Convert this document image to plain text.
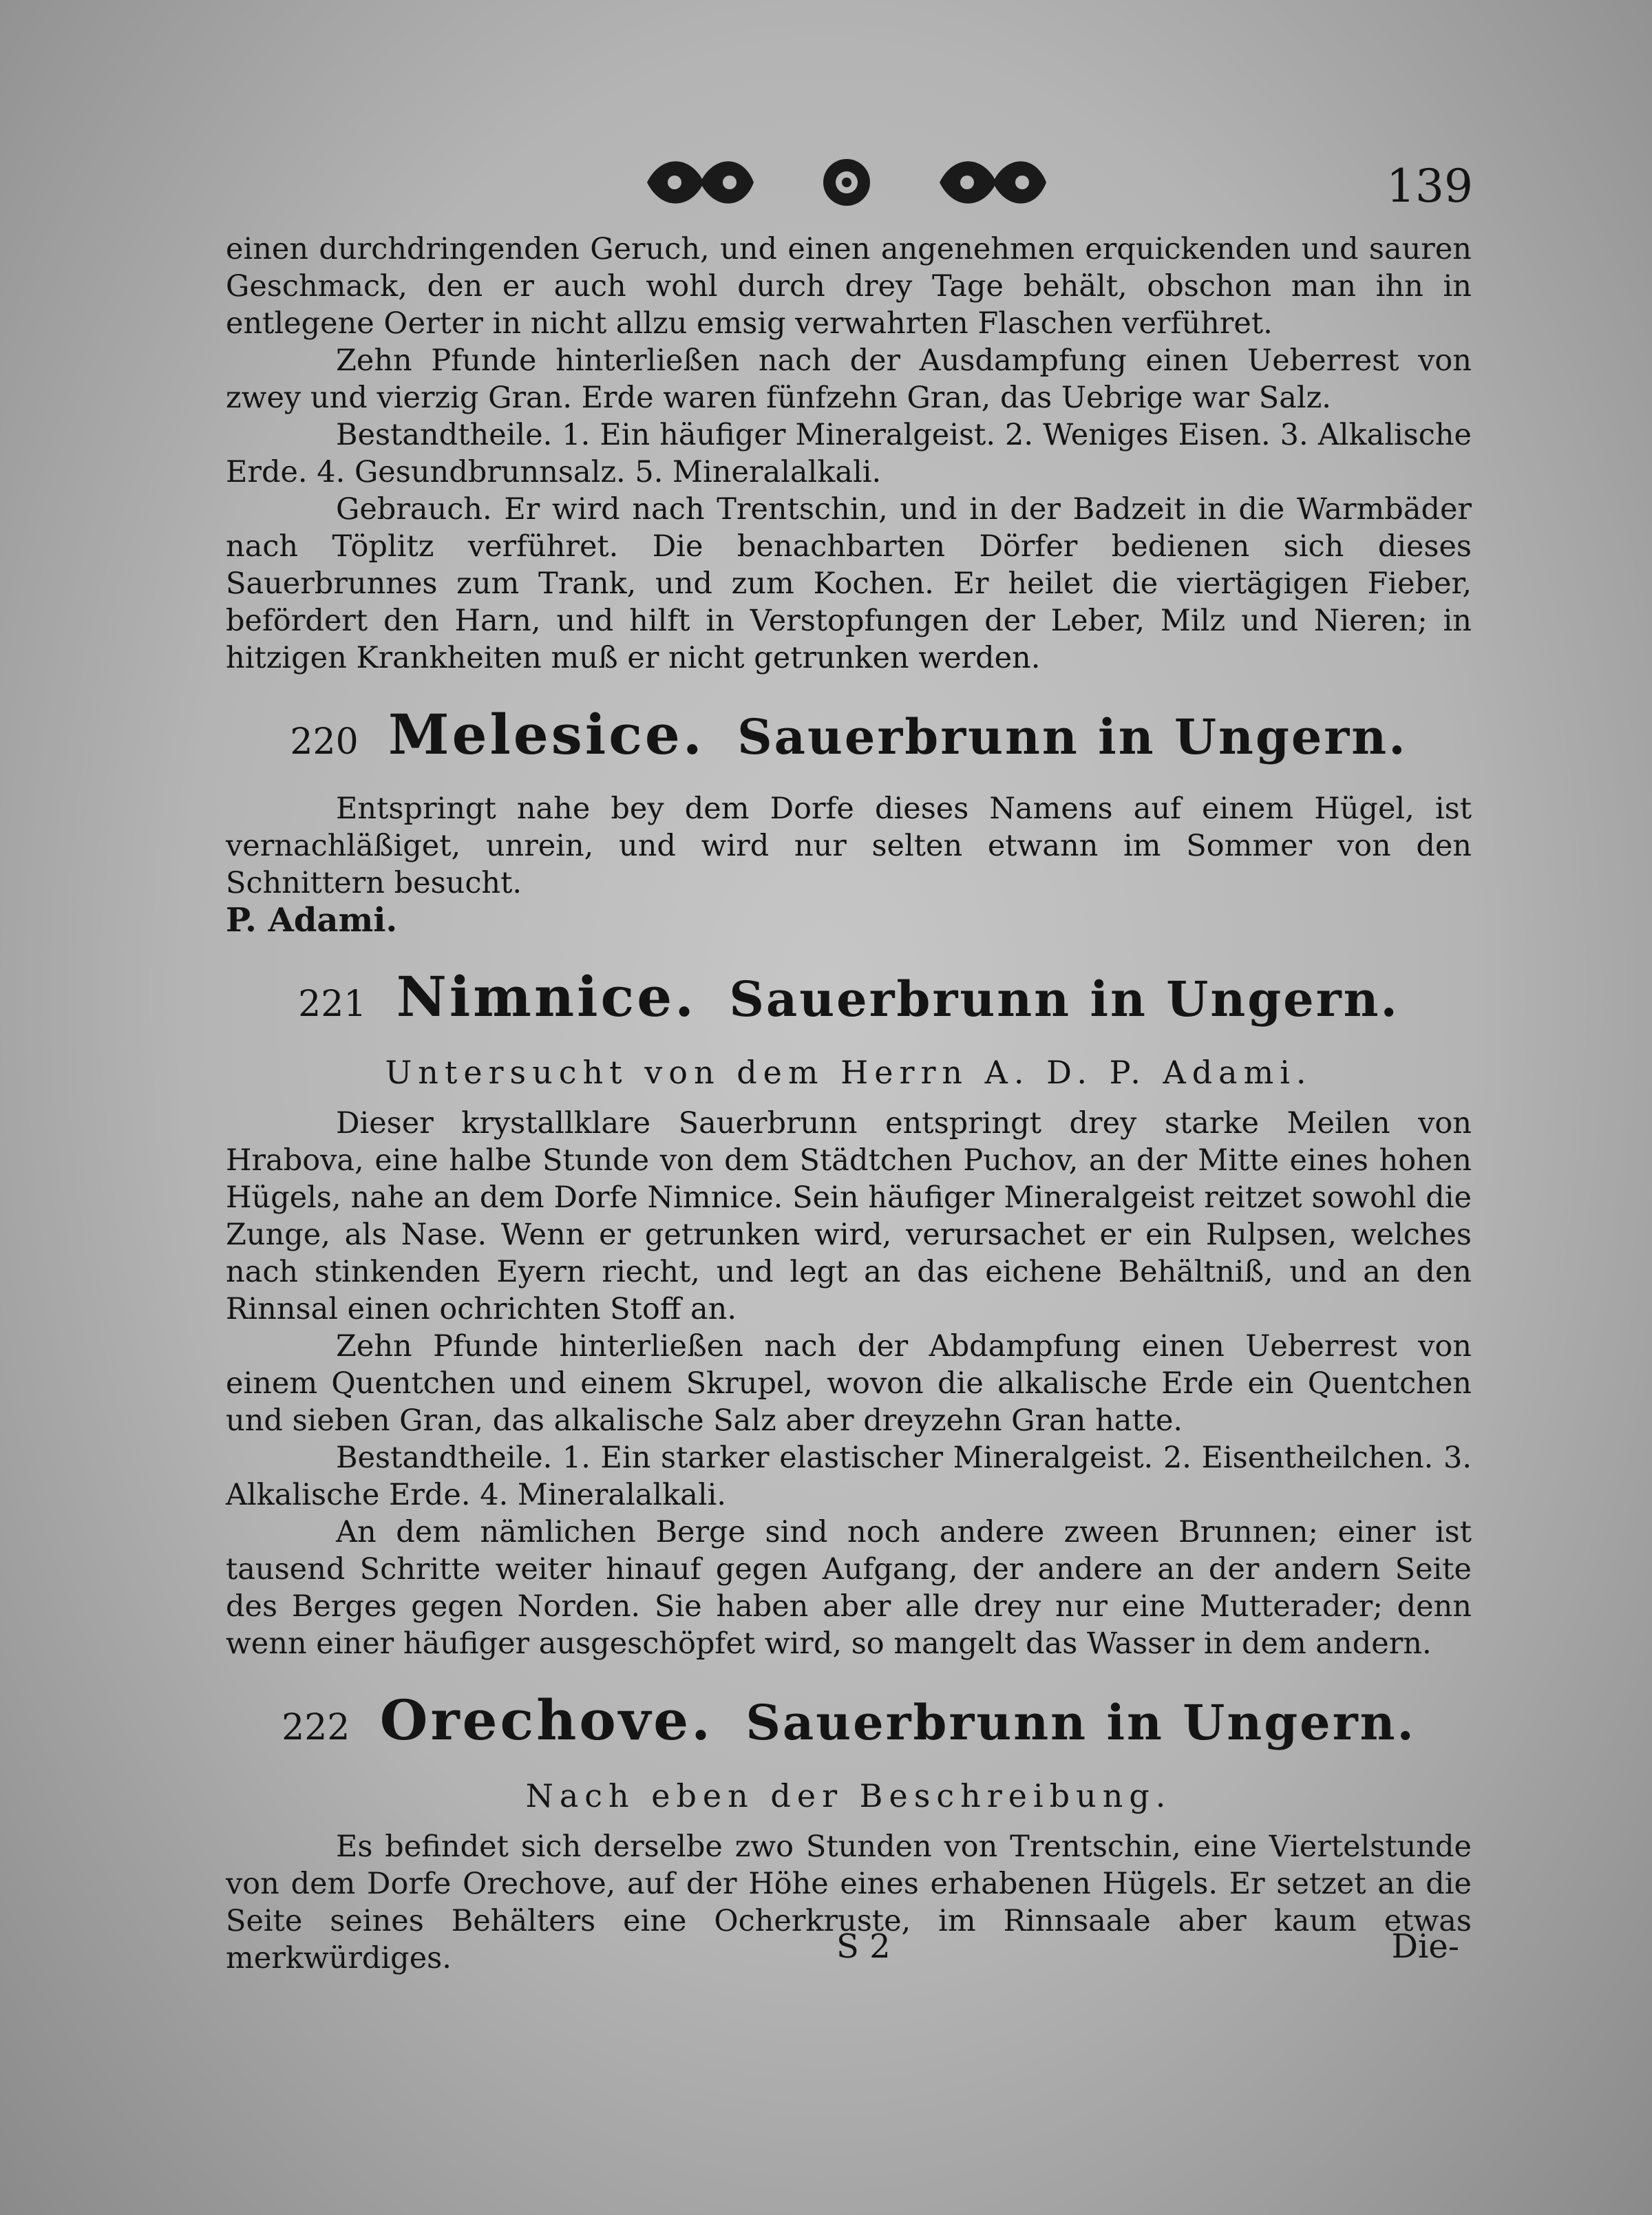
139

einen durchdringenden Geruch, und einen angenehmen erquickenden und sauren Geschmack, den er auch wohl durch drey Tage behält, obschon man ihn in entlegene Oerter in nicht allzu emsig verwahrten Flaschen verführet.

Zehn Pfunde hinterließen nach der Ausdampfung einen Ueberrest von zwey und vierzig Gran. Erde waren fünfzehn Gran, das Uebrige war Salz.

Bestandtheile. 1. Ein häufiger Mineralgeist. 2. Weniges Eisen. 3. Alkalische Erde. 4. Gesundbrunnsalz. 5. Mineralalkali.

Gebrauch. Er wird nach Trentschin, und in der Badzeit in die Warmbäder nach Töplitz verführet. Die benachbarten Dörfer bedienen sich dieses Sauerbrunnes zum Trank, und zum Kochen. Er heilet die viertägigen Fieber, befördert den Harn, und hilft in Verstopfungen der Leber, Milz und Nieren; in hitzigen Krankheiten muß er nicht getrunken werden.

220 Melesice. Sauerbrunn in Ungern.

Entspringt nahe bey dem Dorfe dieses Namens auf einem Hügel, ist vernachläßiget, unrein, und wird nur selten etwann im Sommer von den Schnittern besucht.

P. Adami.

221 Nimnice. Sauerbrunn in Ungern.
Untersucht von dem Herrn A. D. P. Adami.

Dieser krystallklare Sauerbrunn entspringt drey starke Meilen von Hrabova, eine halbe Stunde von dem Städtchen Puchov, an der Mitte eines hohen Hügels, nahe an dem Dorfe Nimnice. Sein häufiger Mineralgeist reitzet sowohl die Zunge, als Nase. Wenn er getrunken wird, verursachet er ein Rulpsen, welches nach stinkenden Eyern riecht, und legt an das eichene Behältniß, und an den Rinnsal einen ochrichten Stoff an.

Zehn Pfunde hinterließen nach der Abdampfung einen Ueberrest von einem Quentchen und einem Skrupel, wovon die alkalische Erde ein Quentchen und sieben Gran, das alkalische Salz aber dreyzehn Gran hatte.

Bestandtheile. 1. Ein starker elastischer Mineralgeist. 2. Eisentheilchen. 3. Alkalische Erde. 4. Mineralalkali.

An dem nämlichen Berge sind noch andere zween Brunnen; einer ist tausend Schritte weiter hinauf gegen Aufgang, der andere an der andern Seite des Berges gegen Norden. Sie haben aber alle drey nur eine Mutterader; denn wenn einer häufiger ausgeschöpfet wird, so mangelt das Wasser in dem andern.

222 Orechove. Sauerbrunn in Ungern.
Nach eben der Beschreibung.

Es befindet sich derselbe zwo Stunden von Trentschin, eine Viertelstunde von dem Dorfe Orechove, auf der Höhe eines erhabenen Hügels. Er setzet an die Seite seines Behälters eine Ocherkruste, im Rinnsaale aber kaum etwas merkwürdiges.	S 2	Die-
